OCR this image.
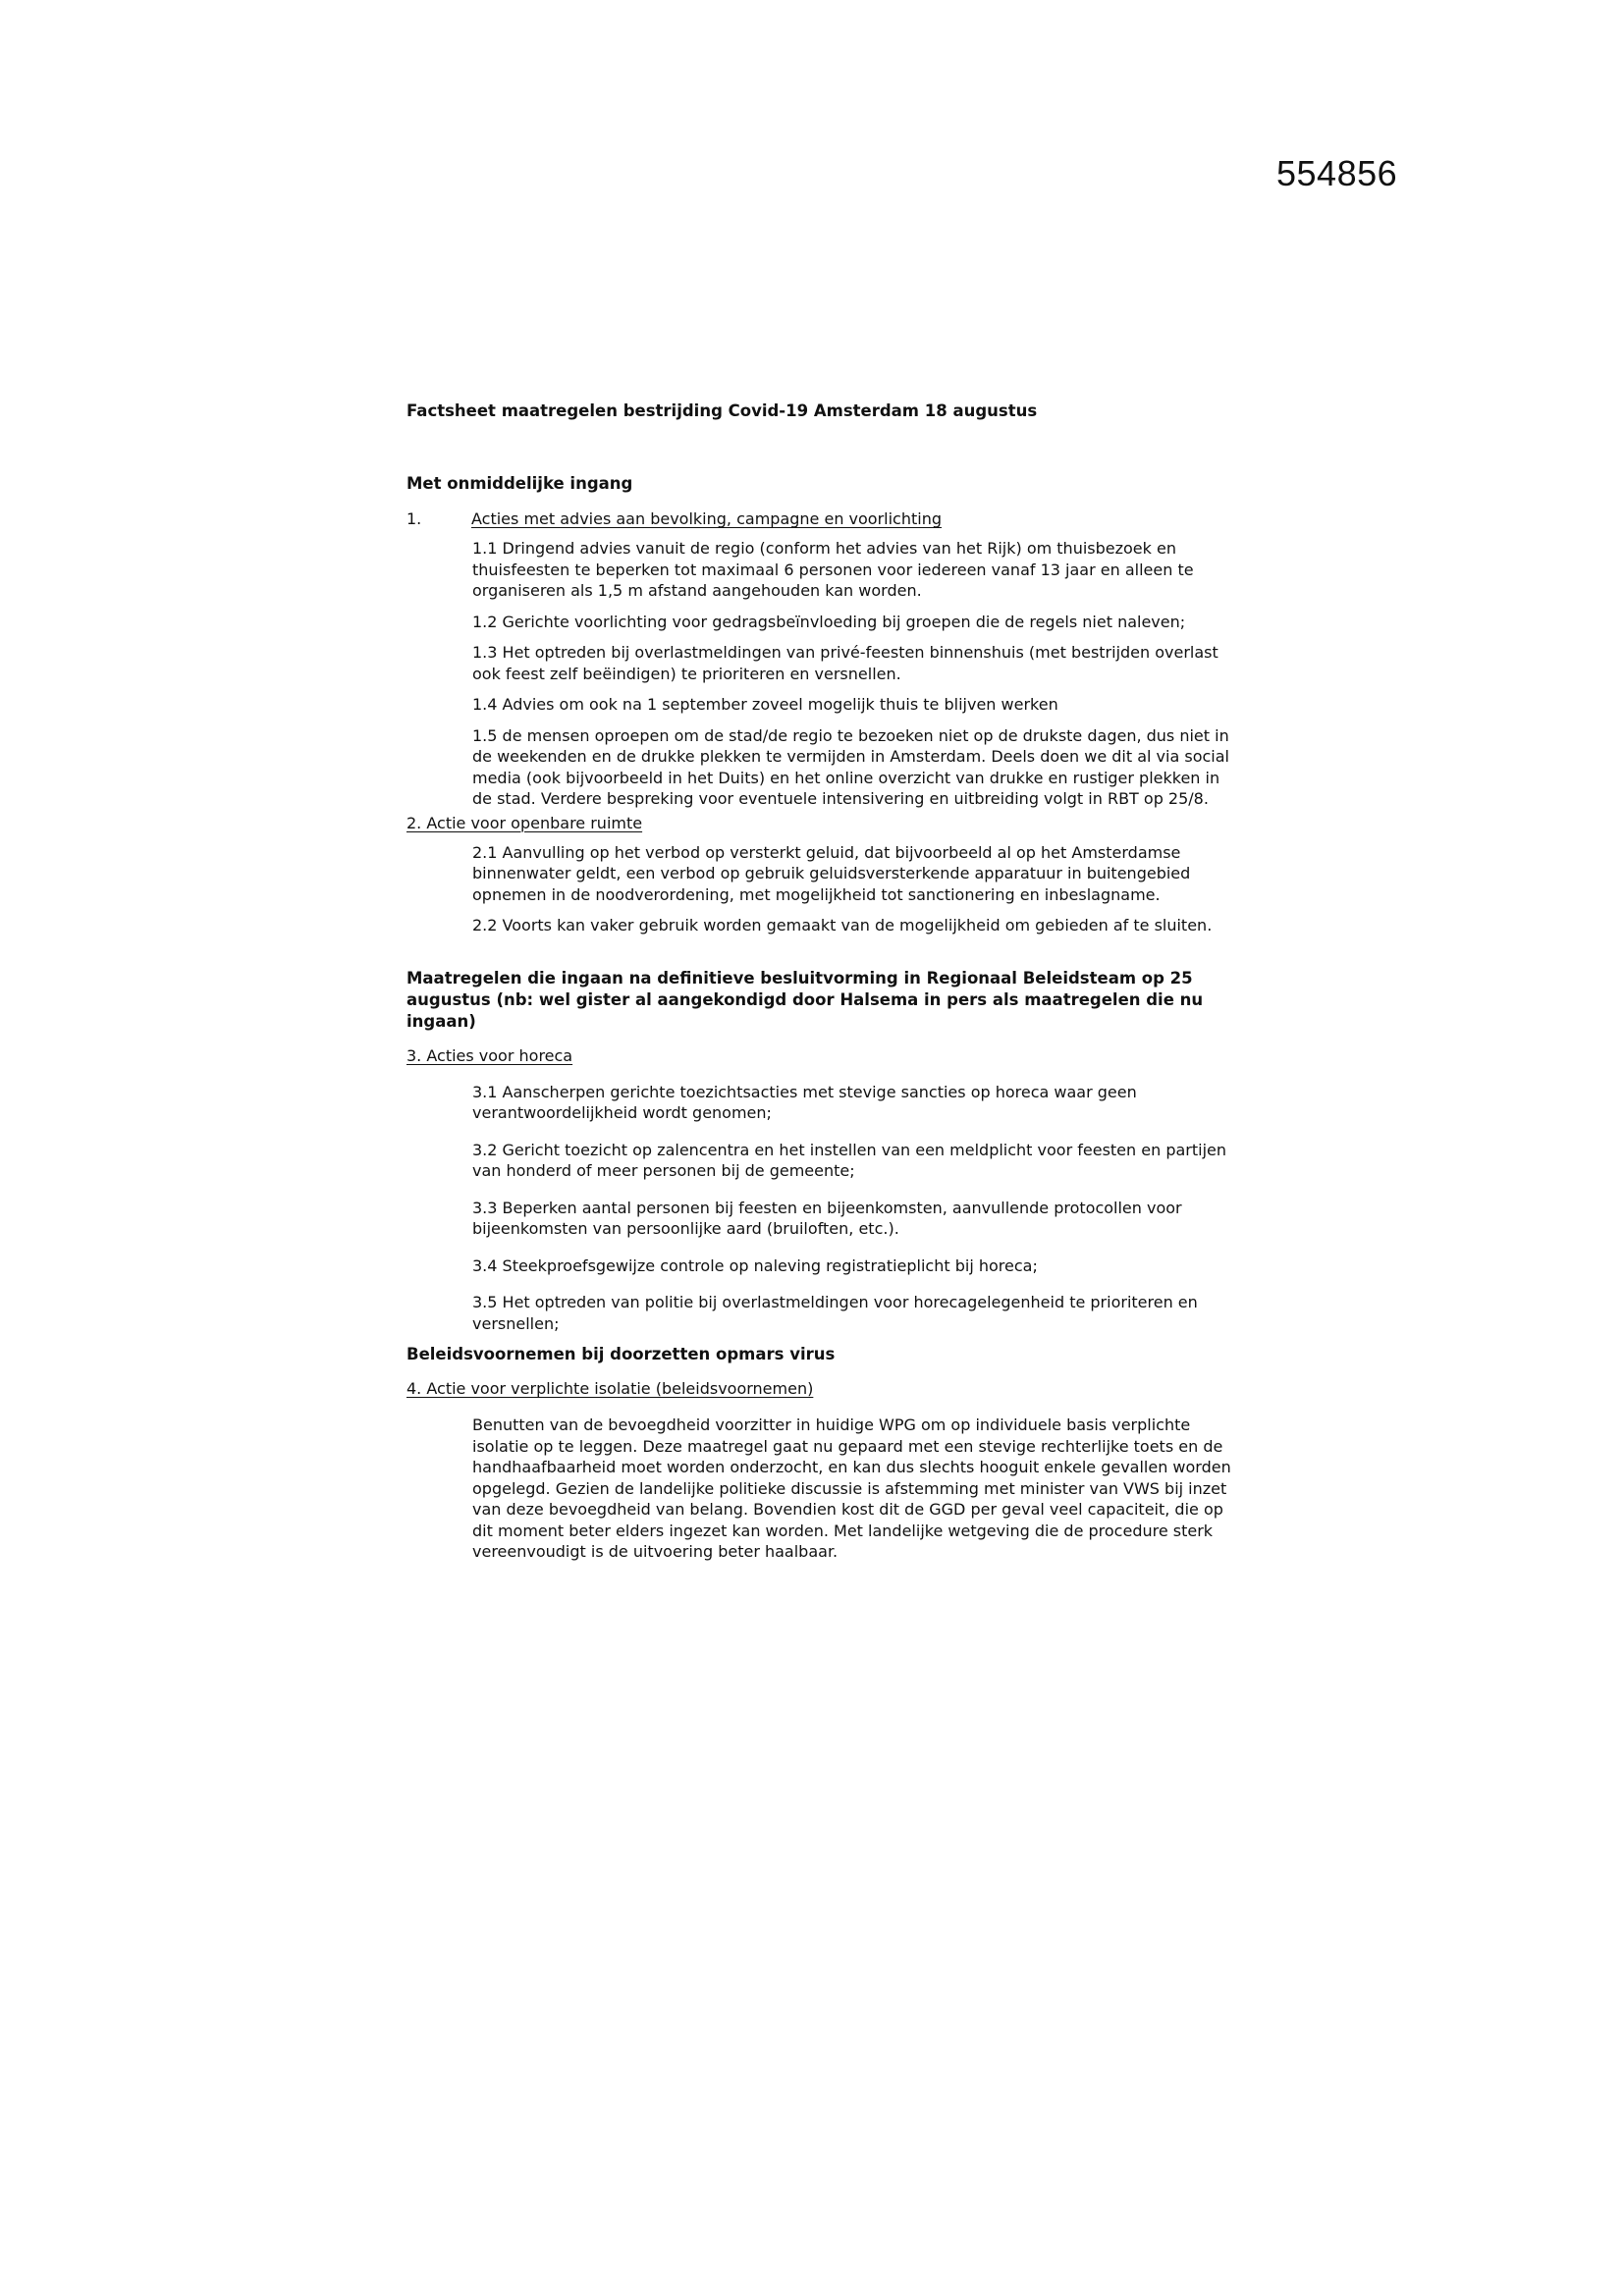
554856

Factsheet maatregelen bestrijding Covid-19 Amsterdam 18 augustus

Met onmiddelijke ingang

1.	Acties met advies aan bevolking, campagne en voorlichting

1.1 Dringend advies vanuit de regio (conform het advies van het Rijk) om thuisbezoek en thuisfeesten te beperken tot maximaal 6 personen voor iedereen vanaf 13 jaar en alleen te organiseren als 1,5 m afstand aangehouden kan worden.

1.2 Gerichte voorlichting voor gedragsbeïnvloeding bij groepen die de regels niet naleven;

1.3 Het optreden bij overlastmeldingen van privé-feesten binnenshuis (met bestrijden overlast ook feest zelf beëindigen) te prioriteren en versnellen.

1.4 Advies om ook na 1 september zoveel mogelijk thuis te blijven werken

1.5 de mensen oproepen om de stad/de regio te bezoeken niet op de drukste dagen, dus niet in de weekenden en de drukke plekken te vermijden in Amsterdam. Deels doen we dit al via social media (ook bijvoorbeeld in het Duits) en het online overzicht van drukke en rustiger plekken in de stad. Verdere bespreking voor eventuele intensivering en uitbreiding volgt in RBT op 25/8.

2. Actie voor openbare ruimte

2.1 Aanvulling op het verbod op versterkt geluid, dat bijvoorbeeld al op het Amsterdamse binnenwater geldt, een verbod op gebruik geluidsversterkende apparatuur in buitengebied opnemen in de noodverordening, met mogelijkheid tot sanctionering en inbeslagname.

2.2 Voorts kan vaker gebruik worden gemaakt van de mogelijkheid om gebieden af te sluiten.

Maatregelen die ingaan na definitieve besluitvorming in Regionaal Beleidsteam op 25 augustus (nb: wel gister al aangekondigd door Halsema in pers als maatregelen die nu ingaan)

3. Acties voor horeca

3.1 Aanscherpen gerichte toezichtsacties met stevige sancties op horeca waar geen verantwoordelijkheid wordt genomen;

3.2 Gericht toezicht op zalencentra en het instellen van een meldplicht voor feesten en partijen van honderd of meer personen bij de gemeente;

3.3 Beperken aantal personen bij feesten en bijeenkomsten, aanvullende protocollen voor bijeenkomsten van persoonlijke aard (bruiloften, etc.).

3.4 Steekproefsgewijze controle op naleving registratieplicht bij horeca;

3.5 Het optreden van politie bij overlastmeldingen voor horecagelegenheid te prioriteren en versnellen;

Beleidsvoornemen bij doorzetten opmars virus

4. Actie voor verplichte isolatie (beleidsvoornemen)

Benutten van de bevoegdheid voorzitter in huidige WPG om op individuele basis verplichte isolatie op te leggen. Deze maatregel gaat nu gepaard met een stevige rechterlijke toets en de handhaafbaarheid moet worden onderzocht, en kan dus slechts hooguit enkele gevallen worden opgelegd. Gezien de landelijke politieke discussie is afstemming met minister van VWS bij inzet van deze bevoegdheid van belang. Bovendien kost dit de GGD per geval veel capaciteit, die op dit moment beter elders ingezet kan worden. Met landelijke wetgeving die de procedure sterk vereenvoudigt is de uitvoering beter haalbaar.
